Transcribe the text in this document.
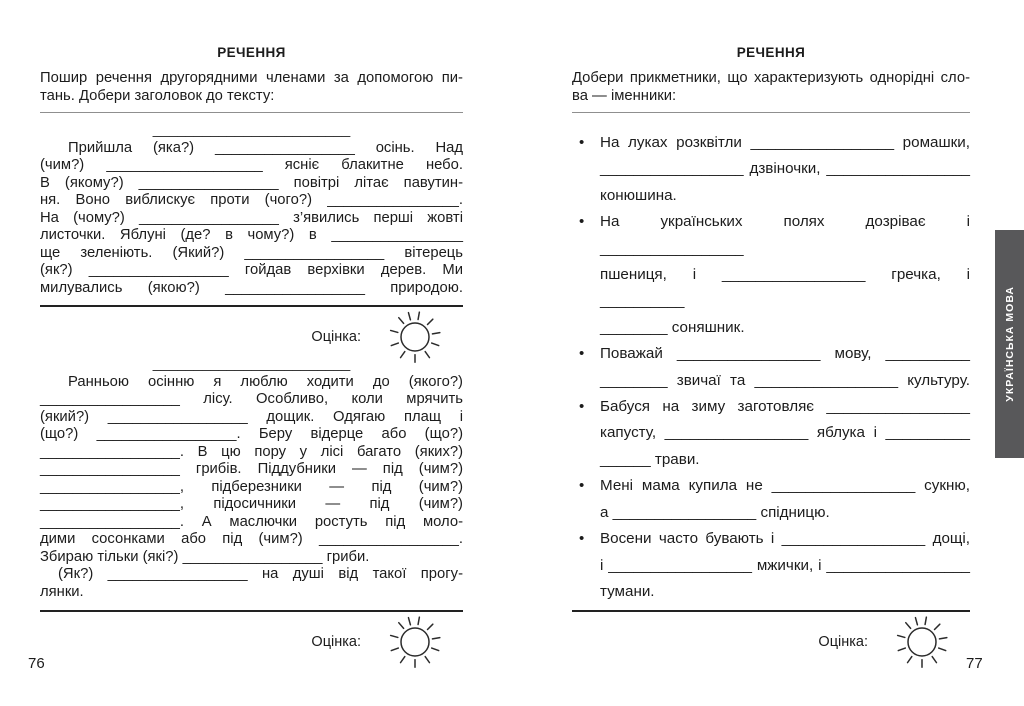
РЕЧЕННЯ
Пошир речення другорядними членами за допомогою пи-
тань. Добери заголовок до тексту:
________________________
Прийшла (яка?) _________________ осінь. Над
(чим?) ___________________ ясніє блакитне небо.
В (якому?) _________________ повітрі літає павутин-
ня. Воно виблискує проти (чого?) ________________.
На (чому?) _________________ з’явились перші жовті
листочки. Яблуні (де? в чому?) в ________________
ще зеленіють. (Який?) _________________ вітерець
(як?) _________________ гойдав верхівки дерев. Ми
милувались (якою?) _________________ природою.
Оцінка:
________________________
Ранньою осінню я люблю ходити до (якого?)
_________________ лісу. Особливо, коли мрячить
(який?) _________________ дощик. Одягаю плащ і
(що?) _________________. Беру відерце або (що?)
_________________. В цю пору у лісі багато (яких?)
_________________ грибів. Піддубники — під (чим?)
_________________, підберезники — під (чим?)
_________________, підосичники — під (чим?)
_________________. А маслючки ростуть під моло-
дими сосонками або під (чим?) _________________.
Збираю тільки (які?) _________________ гриби.
(Як?) _________________ на душі від такої прогу-
лянки.
Оцінка:
РЕЧЕННЯ
Добери прикметники, що характеризують однорідні сло-
ва — іменники:
• На луках розквітли _________________ ромашки,
_________________ дзвіночки, _________________
конюшина.
• На українських полях дозріває і _________________
пшениця, і _________________ гречка, і __________
________ соняшник.
• Поважай _________________ мову, __________
________ звичаї та _________________ культуру.
• Бабуся на зиму заготовляє _________________
капусту, _________________ яблука і __________
______ трави.
• Мені мама купила не _________________ сукню,
а _________________ спідницю.
• Восени часто бувають і _________________ дощі,
і _________________ мжички, і _________________
тумани.
Оцінка:
76	77
УКРАЇНСЬКА МОВА
